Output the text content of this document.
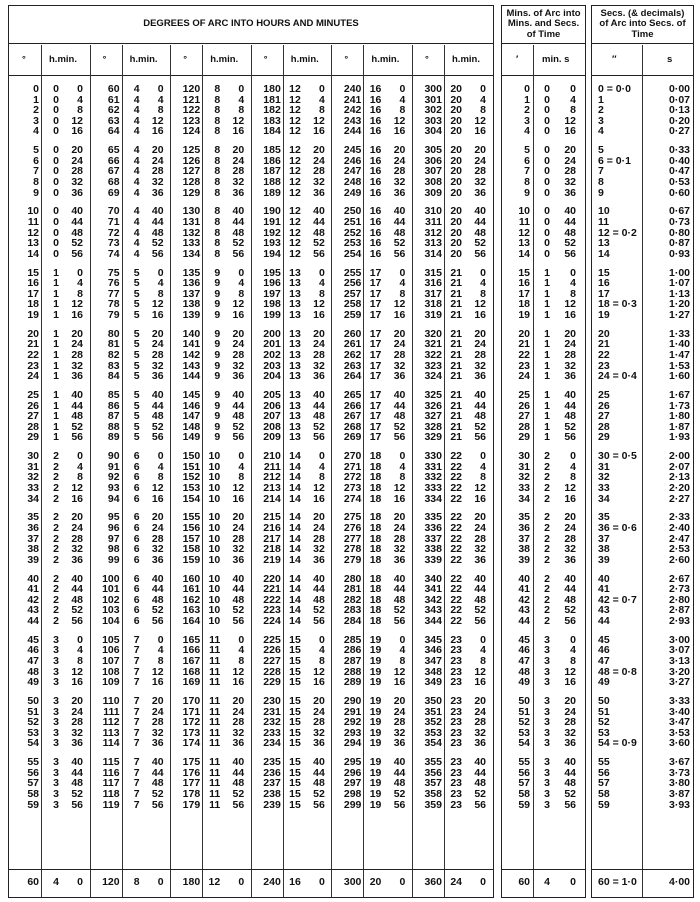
DEGREES OF ARC INTO HOURS AND MINUTES
° h.min.	° h.min.	° h.min.	° h.min.	° h.min.	° h.min.
0	0	0
1	0	4
2	0	8
3	0	12
4	0	16
5	0	20
6	0	24
7	0	28
8	0	32
9	0	36
10	0	40
11	0	44
12	0	48
13	0	52
14	0	56
15	1	0
16	1	4
17	1	8
18	1	12
19	1	16
20	1	20
21	1	24
22	1	28
23	1	32
24	1	36
25	1	40
26	1	44
27	1	48
28	1	52
29	1	56
30	2	0
31	2	4
32	2	8
33	2	12
34	2	16
35	2	20
36	2	24
37	2	28
38	2	32
39	2	36
40	2	40
41	2	44
42	2	48
43	2	52
44	2	56
45	3	0
46	3	4
47	3	8
48	3	12
49	3	16
50	3	20
51	3	24
52	3	28
53	3	32
54	3	36
55	3	40
56	3	44
57	3	48
58	3	52
59	3	56
60	4	0
60	4	0
61	4	4
62	4	8
63	4	12
64	4	16
65	4	20
66	4	24
67	4	28
68	4	32
69	4	36
70	4	40
71	4	44
72	4	48
73	4	52
74	4	56
75	5	0
76	5	4
77	5	8
78	5	12
79	5	16
80	5	20
81	5	24
82	5	28
83	5	32
84	5	36
85	5	40
86	5	44
87	5	48
88	5	52
89	5	56
90	6	0
91	6	4
92	6	8
93	6	12
94	6	16
95	6	20
96	6	24
97	6	28
98	6	32
99	6	36
100	6	40
101	6	44
102	6	48
103	6	52
104	6	56
105	7	0
106	7	4
107	7	8
108	7	12
109	7	16
110	7	20
111	7	24
112	7	28
113	7	32
114	7	36
115	7	40
116	7	44
117	7	48
118	7	52
119	7	56
120	8	0
120	8	0
121	8	4
122	8	8
123	8	12
124	8	16
125	8	20
126	8	24
127	8	28
128	8	32
129	8	36
130	8	40
131	8	44
132	8	48
133	8	52
134	8	56
135	9	0
136	9	4
137	9	8
138	9	12
139	9	16
140	9	20
141	9	24
142	9	28
143	9	32
144	9	36
145	9	40
146	9	44
147	9	48
148	9	52
149	9	56
150 10	0
151 10	4
152 10	8
153 10	12
154 10	16
155 10	20
156 10	24
157 10	28
158 10	32
159 10	36
160 10	40
161 10	44
162 10	48
163 10	52
164 10	56
165 11	0
166 11	4
167 11	8
168 11	12
169 11	16
170 11	20
171 11	24
172 11	28
173 11	32
174 11	36
175 11	40
176 11	44
177 11	48
178 11	52
179 11	56
180 12	0
180 12	0
181 12	4
182 12	8
183 12	12
184 12	16
185 12	20
186 12	24
187 12	28
188 12	32
189 12	36
190 12	40
191 12	44
192 12	48
193 12	52
194 12	56
195 13	0
196 13	4
197 13	8
198 13	12
199 13	16
200 13	20
201 13	24
202 13	28
203 13	32
204 13	36
205 13	40
206 13	44
207 13	48
208 13	52
209 13	56
210 14	0
211 14	4
212 14	8
213 14	12
214 14	16
215 14	20
216 14	24
217 14	28
218 14	32
219 14	36
220 14	40
221 14	44
222 14	48
223 14	52
224 14	56
225 15	0
226 15	4
227 15	8
228 15	12
229 15	16
230 15	20
231 15	24
232 15	28
233 15	32
234 15	36
235 15	40
236 15	44
237 15	48
238 15	52
239 15	56
240 16	0
240 16	0
241 16	4
242 16	8
243 16	12
244 16	16
245 16	20
246 16	24
247 16	28
248 16	32
249 16	36
250 16	40
251 16	44
252 16	48
253 16	52
254 16	56
255 17	0
256 17	4
257 17	8
258 17	12
259 17	16
260 17	20
261 17	24
262 17	28
263 17	32
264 17	36
265 17	40
266 17	44
267 17	48
268 17	52
269 17	56
270 18	0
271 18	4
272 18	8
273 18	12
274 18	16
275 18	20
276 18	24
277 18	28
278 18	32
279 18	36
280 18	40
281 18	44
282 18	48
283 18	52
284 18	56
285 19	0
286 19	4
287 19	8
288 19	12
289 19	16
290 19	20
291 19	24
292 19	28
293 19	32
294 19	36
295 19	40
296 19	44
297 19	48
298 19	52
299 19	56
300 20	0
300 20	0
301 20	4
302 20	8
303 20	12
304 20	16
305 20	20
306 20	24
307 20	28
308 20	32
309 20	36
310 20	40
311 20	44
312 20	48
313 20	52
314 20	56
315 21	0
316 21	4
317 21	8
318 21	12
319 21	16
320 21	20
321 21	24
322 21	28
323 21	32
324 21	36
325 21	40
326 21	44
327 21	48
328 21	52
329 21	56
330 22	0
331 22	4
332 22	8
333 22	12
334 22	16
335 22	20
336 22	24
337 22	28
338 22	32
339 22	36
340 22	40
341 22	44
342 22	48
343 22	52
344 22	56
345 23	0
346 23	4
347 23	8
348 23	12
349 23	16
350 23	20
351 23	24
352 23	28
353 23	32
354 23	36
355 23	40
356 23	44
357 23	48
358 23	52
359 23	56
360 24	0
Mins. of Arc into Mins. and Secs. of Time
′ min. s
0	0	0
1	0	4
2	0	8
3	0	12
4	0	16
5	0	20
6	0	24
7	0	28
8	0	32
9	0	36
10	0	40
11	0	44
12	0	48
13	0	52
14	0	56
15	1	0
16	1	4
17	1	8
18	1	12
19	1	16
20	1	20
21	1	24
22	1	28
23	1	32
24	1	36
25	1	40
26	1	44
27	1	48
28	1	52
29	1	56
30	2	0
31	2	4
32	2	8
33	2	12
34	2	16
35	2	20
36	2	24
37	2	28
38	2	32
39	2	36
40	2	40
41	2	44
42	2	48
43	2	52
44	2	56
45	3	0
46	3	4
47	3	8
48	3	12
49	3	16
50	3	20
51	3	24
52	3	28
53	3	32
54	3	36
55	3	40
56	3	44
57	3	48
58	3	52
59	3	56
60	4	0
Secs. (& decimals) of Arc into Secs. of Time
″	s
0 = 0·0	0·00
1	0·07
2	0·13
3	0·20
4	0·27
5	0·33
6 = 0·1	0·40
7	0·47
8	0·53
9	0·60
10	0·67
11	0·73
12 = 0·2	0·80
13	0·87
14	0·93
15	1·00
16	1·07
17	1·13
18 = 0·3	1·20
19	1·27
20	1·33
21	1·40
22	1·47
23	1·53
24 = 0·4	1·60
25	1·67
26	1·73
27	1·80
28	1·87
29	1·93
30 = 0·5	2·00
31	2·07
32	2·13
33	2·20
34	2·27
35	2·33
36 = 0·6	2·40
37	2·47
38	2·53
39	2·60
40	2·67
41	2·73
42 = 0·7	2·80
43	2·87
44	2·93
45	3·00
46	3·07
47	3·13
48 = 0·8	3·20
49	3·27
50	3·33
51	3·40
52	3·47
53	3·53
54 = 0·9	3·60
55	3·67
56	3·73
57	3·80
58	3·87
59	3·93
60 = 1·0	4·00
